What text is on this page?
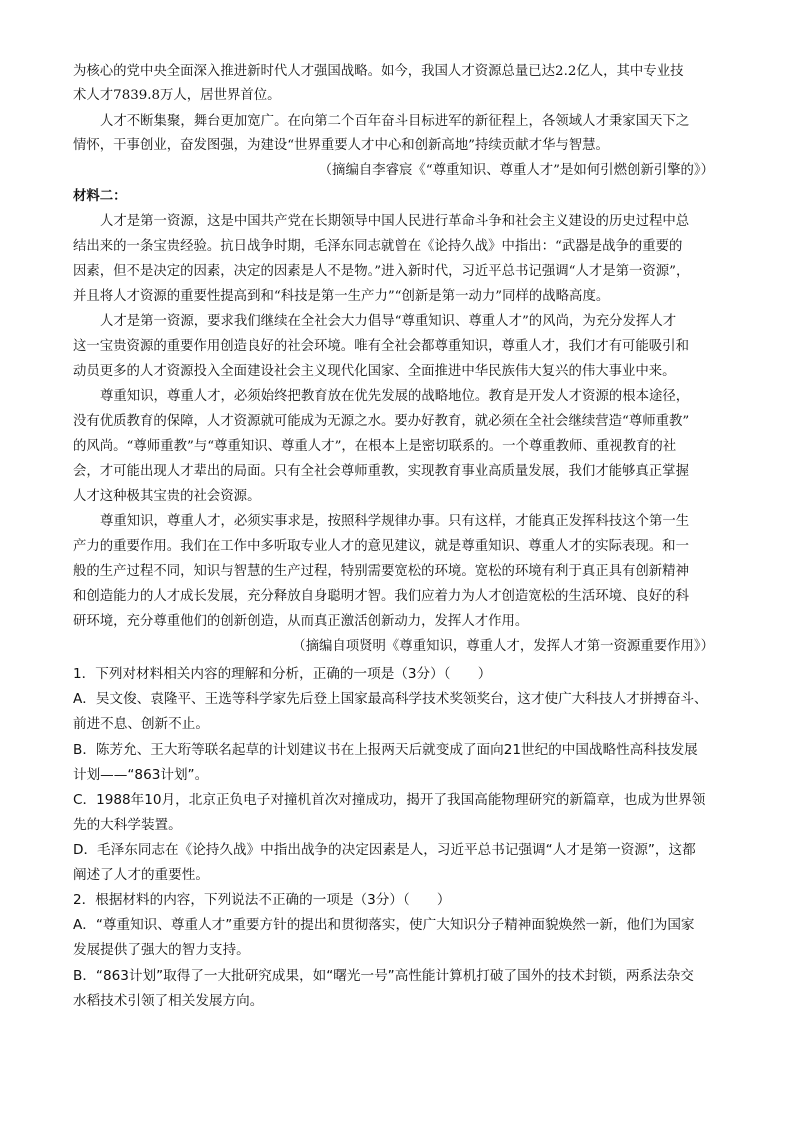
为核心的党中央全面深入推进新时代人才强国战略。如今，我国人才资源总量已达2.2亿人，其中专业技
术人才7839.8万人，居世界首位。
人才不断集聚，舞台更加宽广。在向第二个百年奋斗目标进军的新征程上，各领域人才秉家国天下之
情怀，干事创业，奋发图强，为建设“世界重要人才中心和创新高地”持续贡献才华与智慧。
（摘编自李睿宸《“尊重知识、尊重人才”是如何引燃创新引擎的》）
材料二：
人才是第一资源，这是中国共产党在长期领导中国人民进行革命斗争和社会主义建设的历史过程中总
结出来的一条宝贵经验。抗日战争时期，毛泽东同志就曾在《论持久战》中指出：“武器是战争的重要的
因素，但不是决定的因素，决定的因素是人不是物。”进入新时代，习近平总书记强调“人才是第一资源”，
并且将人才资源的重要性提高到和“科技是第一生产力”“创新是第一动力”同样的战略高度。
人才是第一资源，要求我们继续在全社会大力倡导“尊重知识、尊重人才”的风尚，为充分发挥人才
这一宝贵资源的重要作用创造良好的社会环境。唯有全社会都尊重知识，尊重人才，我们才有可能吸引和
动员更多的人才资源投入全面建设社会主义现代化国家、全面推进中华民族伟大复兴的伟大事业中来。
尊重知识，尊重人才，必须始终把教育放在优先发展的战略地位。教育是开发人才资源的根本途径，
没有优质教育的保障，人才资源就可能成为无源之水。要办好教育，就必须在全社会继续营造“尊师重教”
的风尚。“尊师重教”与“尊重知识、尊重人才”，在根本上是密切联系的。一个尊重教师、重视教育的社
会，才可能出现人才辈出的局面。只有全社会尊师重教，实现教育事业高质量发展，我们才能够真正掌握
人才这种极其宝贵的社会资源。
尊重知识，尊重人才，必须实事求是，按照科学规律办事。只有这样，才能真正发挥科技这个第一生
产力的重要作用。我们在工作中多听取专业人才的意见建议，就是尊重知识、尊重人才的实际表现。和一
般的生产过程不同，知识与智慧的生产过程，特别需要宽松的环境。宽松的环境有利于真正具有创新精神
和创造能力的人才成长发展，充分释放自身聪明才智。我们应着力为人才创造宽松的生活环境、良好的科
研环境，充分尊重他们的创新创造，从而真正激活创新动力，发挥人才作用。
（摘编自项贤明《尊重知识，尊重人才，发挥人才第一资源重要作用》）
1．下列对材料相关内容的理解和分析，正确的一项是（3分）（　　）
A．吴文俊、袁隆平、王选等科学家先后登上国家最高科学技术奖领奖台，这才使广大科技人才拼搏奋斗、
前进不息、创新不止。
B．陈芳允、王大珩等联名起草的计划建议书在上报两天后就变成了面向21世纪的中国战略性高科技发展
计划——“863计划”。
C．1988年10月，北京正负电子对撞机首次对撞成功，揭开了我国高能物理研究的新篇章，也成为世界领
先的大科学装置。
D．毛泽东同志在《论持久战》中指出战争的决定因素是人，习近平总书记强调“人才是第一资源”，这都
阐述了人才的重要性。
2．根据材料的内容，下列说法不正确的一项是（3分）（　　）
A．“尊重知识、尊重人才”重要方针的提出和贯彻落实，使广大知识分子精神面貌焕然一新，他们为国家
发展提供了强大的智力支持。
B．“863计划”取得了一大批研究成果，如“曙光一号”高性能计算机打破了国外的技术封锁，两系法杂交
水稻技术引领了相关发展方向。
